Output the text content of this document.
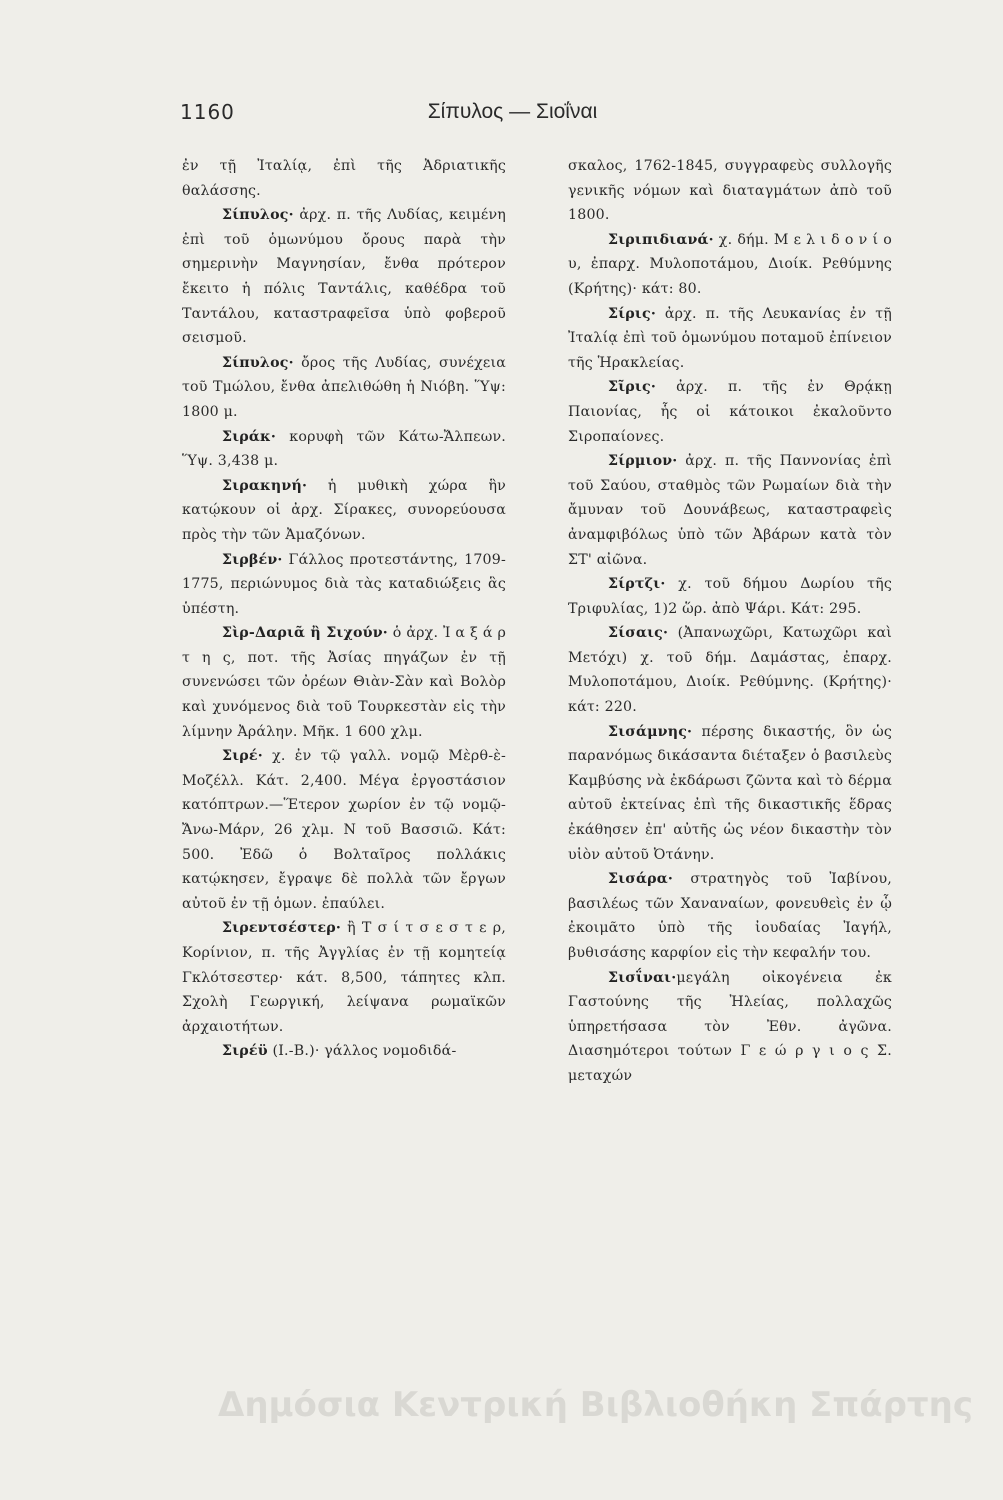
1160	Σίπυλος — Σιοΐναι

ἐν τῇ Ἰταλίᾳ, ἐπὶ τῆς Ἀδριατικῆς θαλάσσης.

Σίπυλος· ἀρχ. π. τῆς Λυδίας, κειμένη ἐπὶ τοῦ ὁμωνύμου ὄρους παρὰ τὴν σημερινὴν Μαγνησίαν, ἔνθα πρότερον ἔκειτο ἡ πόλις Ταντάλις, καθέδρα τοῦ Ταντάλου, καταστραφεῖσα ὑπὸ φοβεροῦ σεισμοῦ.

Σίπυλος· ὄρος τῆς Λυδίας, συνέχεια τοῦ Τμώλου, ἔνθα ἀπελιθώθη ἡ Νιόβη. Ὕψ: 1800 μ.

Σιράκ· κορυφὴ τῶν Κάτω-Ἄλπεων. Ὕψ. 3,438 μ.

Σιρακηνή· ἡ μυθικὴ χώρα ἣν κατῴκουν οἱ ἀρχ. Σίρακες, συνορεύουσα πρὸς τὴν τῶν Ἀμαζόνων.

Σιρβέν· Γάλλος προτεστάντης, 1709-1775, περιώνυμος διὰ τὰς καταδιώξεις ἃς ὑπέστη.

Σὶρ-Δαριᾶ ἢ Σιχούν· ὁ ἀρχ. Ἰ α ξ ά ρ τ η ς, ποτ. τῆς Ἀσίας πηγάζων ἐν τῇ συνενώσει τῶν ὀρέων Θιὰν-Σὰν καὶ Βολὸρ καὶ χυνόμενος διὰ τοῦ Τουρκεστὰν εἰς τὴν λίμνην Ἀράλην. Μῆκ. 1 600 χλμ.

Σιρέ· χ. ἐν τῷ γαλλ. νομῷ Μὲρθ-ὲ-Μοζέλλ. Κάτ. 2,400. Μέγα ἐργοστάσιον κατόπτρων.—Ἕτερον χωρίον ἐν τῷ νομῷ-Ἄνω-Μάρν, 26 χλμ. Ν τοῦ Βασσιῶ. Κάτ: 500. Ἐδῶ ὁ Βολταῖρος πολλάκις κατῴκησεν, ἔγραψε δὲ πολλὰ τῶν ἔργων αὐτοῦ ἐν τῇ ὁμων. ἐπαύλει.

Σιρεντσέστερ· ἢ Τ σ ί τ σ ε σ τ ε ρ, Κορίνιον, π. τῆς Ἀγγλίας ἐν τῇ κομητείᾳ Γκλότσεστερ· κάτ. 8,500, τάπητες κλπ. Σχολὴ Γεωργική, λείψανα ρωμαϊκῶν ἀρχαιοτήτων.

Σιρέϋ (Ι.-Β.)· γάλλος νομοδιδά-

σκαλος, 1762-1845, συγγραφεὺς συλλογῆς γενικῆς νόμων καὶ διαταγμάτων ἀπὸ τοῦ 1800.

Σιριπιδιανά· χ. δήμ. Μ ε λ ι δ ο ν ί ο υ, ἐπαρχ. Μυλοποτάμου, Διοίκ. Ρεθύμνης (Κρήτης)· κάτ: 80.

Σίρις· ἀρχ. π. τῆς Λευκανίας ἐν τῇ Ἰταλίᾳ ἐπὶ τοῦ ὁμωνύμου ποταμοῦ ἐπίνειον τῆς Ἡρακλείας.

Σῖρις· ἀρχ. π. τῆς ἐν Θρᾴκῃ Παιονίας, ἧς οἱ κάτοικοι ἐκαλοῦντο Σιροπαίονες.

Σίρμιον· ἀρχ. π. τῆς Παννονίας ἐπὶ τοῦ Σαύου, σταθμὸς τῶν Ρωμαίων διὰ τὴν ἄμυναν τοῦ Δουνάβεως, καταστραφεὶς ἀναμφιβόλως ὑπὸ τῶν Ἀβάρων κατὰ τὸν ΣΤ' αἰῶνα.

Σίρτζι· χ. τοῦ δήμου Δωρίου τῆς Τριφυλίας, 1)2 ὥρ. ἀπὸ Ψάρι. Κάτ: 295.

Σίσαις· (Ἀπανωχῶρι, Κατωχῶρι καὶ Μετόχι) χ. τοῦ δήμ. Δαμάστας, ἐπαρχ. Μυλοποτάμου, Διοίκ. Ρεθύμνης. (Κρήτης)· κάτ: 220.

Σισάμνης· πέρσης δικαστής, ὃν ὡς παρανόμως δικάσαντα διέταξεν ὁ βασιλεὺς Καμβύσης νὰ ἐκδάρωσι ζῶντα καὶ τὸ δέρμα αὐτοῦ ἐκτείνας ἐπὶ τῆς δικαστικῆς ἕδρας ἐκάθησεν ἐπ' αὐτῆς ὡς νέον δικαστὴν τὸν υἱὸν αὐτοῦ Ὀτάνην.

Σισάρα· στρατηγὸς τοῦ Ἰαβίνου, βασιλέως τῶν Χαναναίων, φονευθεὶς ἐν ᾧ ἐκοιμᾶτο ὑπὸ τῆς ἰουδαίας Ἰαγήλ, βυθισάσης καρφίον εἰς τὴν κεφαλήν του.

Σισΐναι·μεγάλη οἰκογένεια ἐκ Γαστούνης τῆς Ἠλείας, πολλαχῶς ὑπηρετήσασα τὸν Ἐθν. ἀγῶνα. Διασημότεροι τούτων Γ ε ώ ρ γ ι ο ς Σ. μεταχών

Δημόσια Κεντρική Βιβλιοθήκη Σπάρτης
